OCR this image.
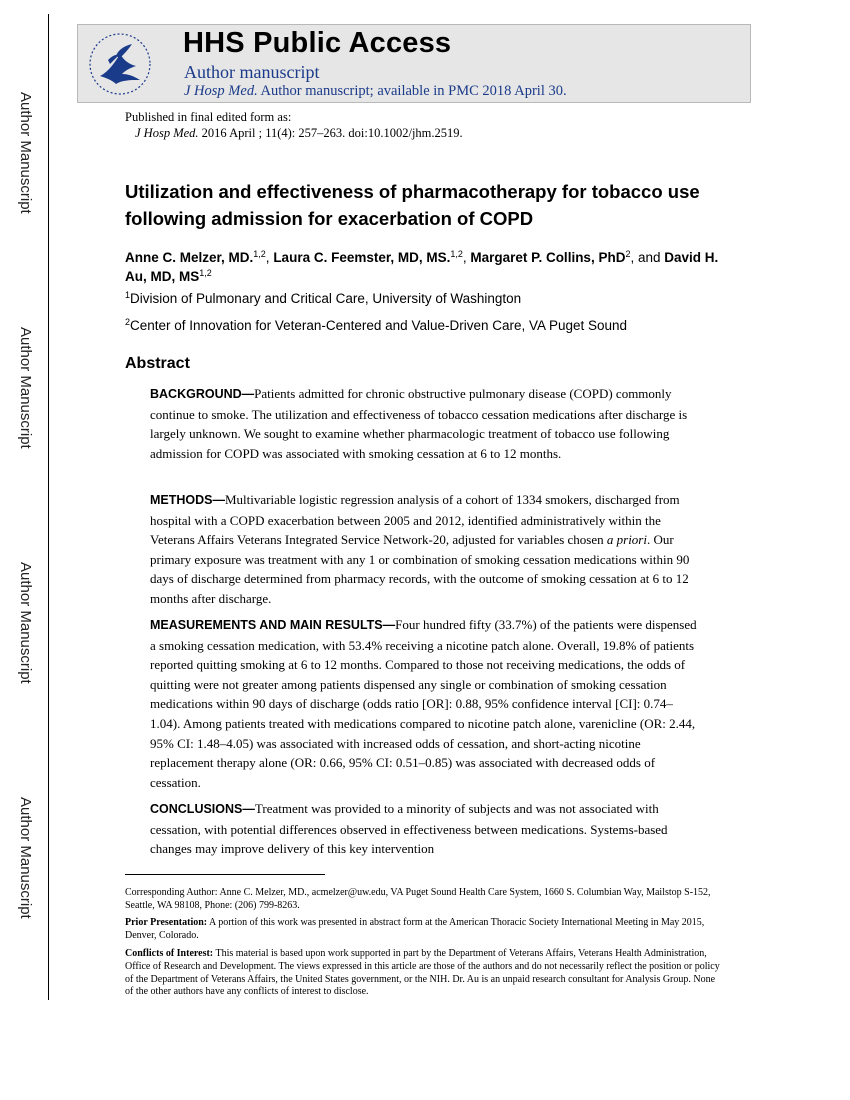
Author Manuscript
Author Manuscript
Author Manuscript
Author Manuscript
HHS Public Access
Author manuscript
J Hosp Med. Author manuscript; available in PMC 2018 April 30.
Published in final edited form as:
J Hosp Med. 2016 April ; 11(4): 257–263. doi:10.1002/jhm.2519.
Utilization and effectiveness of pharmacotherapy for tobacco use following admission for exacerbation of COPD
Anne C. Melzer, MD.$^{1,2}$, Laura C. Feemster, MD, MS.$^{1,2}$, Margaret P. Collins, PhD$^2$, and David H. Au, MD, MS$^{1,2}$
$^1$Division of Pulmonary and Critical Care, University of Washington
$^2$Center of Innovation for Veteran-Centered and Value-Driven Care, VA Puget Sound
Abstract
BACKGROUND—Patients admitted for chronic obstructive pulmonary disease (COPD) commonly continue to smoke. The utilization and effectiveness of tobacco cessation medications after discharge is largely unknown. We sought to examine whether pharmacologic treatment of tobacco use following admission for COPD was associated with smoking cessation at 6 to 12 months.
METHODS—Multivariable logistic regression analysis of a cohort of 1334 smokers, discharged from hospital with a COPD exacerbation between 2005 and 2012, identified administratively within the Veterans Affairs Veterans Integrated Service Network-20, adjusted for variables chosen a priori. Our primary exposure was treatment with any 1 or combination of smoking cessation medications within 90 days of discharge determined from pharmacy records, with the outcome of smoking cessation at 6 to 12 months after discharge.
MEASUREMENTS AND MAIN RESULTS—Four hundred fifty (33.7%) of the patients were dispensed a smoking cessation medication, with 53.4% receiving a nicotine patch alone. Overall, 19.8% of patients reported quitting smoking at 6 to 12 months. Compared to those not receiving medications, the odds of quitting were not greater among patients dispensed any single or combination of smoking cessation medications within 90 days of discharge (odds ratio [OR]: 0.88, 95% confidence interval [CI]: 0.74–1.04). Among patients treated with medications compared to nicotine patch alone, varenicline (OR: 2.44, 95% CI: 1.48–4.05) was associated with increased odds of cessation, and short-acting nicotine replacement therapy alone (OR: 0.66, 95% CI: 0.51–0.85) was associated with decreased odds of cessation.
CONCLUSIONS—Treatment was provided to a minority of subjects and was not associated with cessation, with potential differences observed in effectiveness between medications. Systems-based changes may improve delivery of this key intervention
Corresponding Author: Anne C. Melzer, MD., acmelzer@uw.edu, VA Puget Sound Health Care System, 1660 S. Columbian Way, Mailstop S-152, Seattle, WA 98108, Phone: (206) 799-8263.
Prior Presentation: A portion of this work was presented in abstract form at the American Thoracic Society International Meeting in May 2015, Denver, Colorado.
Conflicts of Interest: This material is based upon work supported in part by the Department of Veterans Affairs, Veterans Health Administration, Office of Research and Development. The views expressed in this article are those of the authors and do not necessarily reflect the position or policy of the Department of Veterans Affairs, the United States government, or the NIH. Dr. Au is an unpaid research consultant for Analysis Group. None of the other authors have any conflicts of interest to disclose.
